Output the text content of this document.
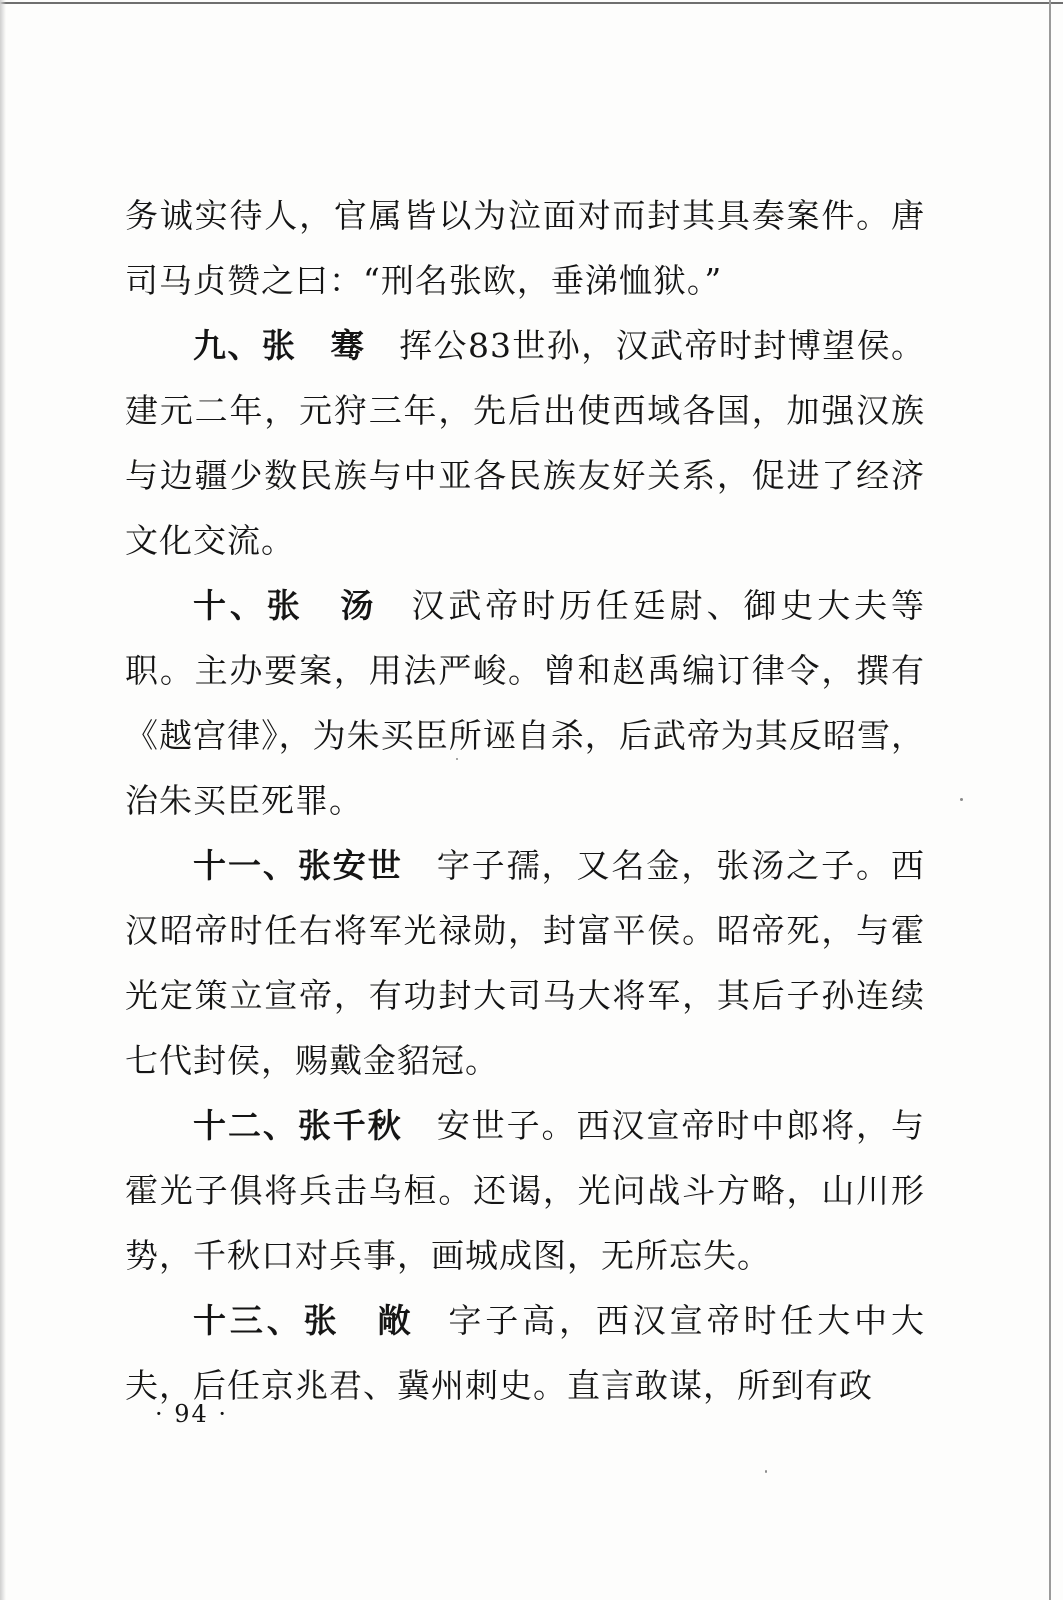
务诚实待人，官属皆以为泣面对而封其具奏案件。唐司马贞赞之曰：“刑名张欧，垂涕恤狱。”

九、张　骞 挥公83世孙，汉武帝时封博望侯。建元二年，元狩三年，先后出使西域各国，加强汉族与边疆少数民族与中亚各民族友好关系，促进了经济文化交流。

十、张　汤 汉武帝时历任廷尉、御史大夫等职。主办要案，用法严峻。曾和赵禹编订律令，撰有《越宫律》，为朱买臣所诬自杀，后武帝为其反昭雪，治朱买臣死罪。

十一、张安世 字子孺，又名金，张汤之子。西汉昭帝时任右将军光禄勋，封富平侯。昭帝死，与霍光定策立宣帝，有功封大司马大将军，其后子孙连续七代封侯，赐戴金貂冠。

十二、张千秋 安世子。西汉宣帝时中郎将，与霍光子俱将兵击乌桓。还谒，光问战斗方略，山川形势，千秋口对兵事，画城成图，无所忘失。

十三、张　敞 字子高，西汉宣帝时任大中大夫，后任京兆君、冀州刺史。直言敢谋，所到有政

· 94 ·
